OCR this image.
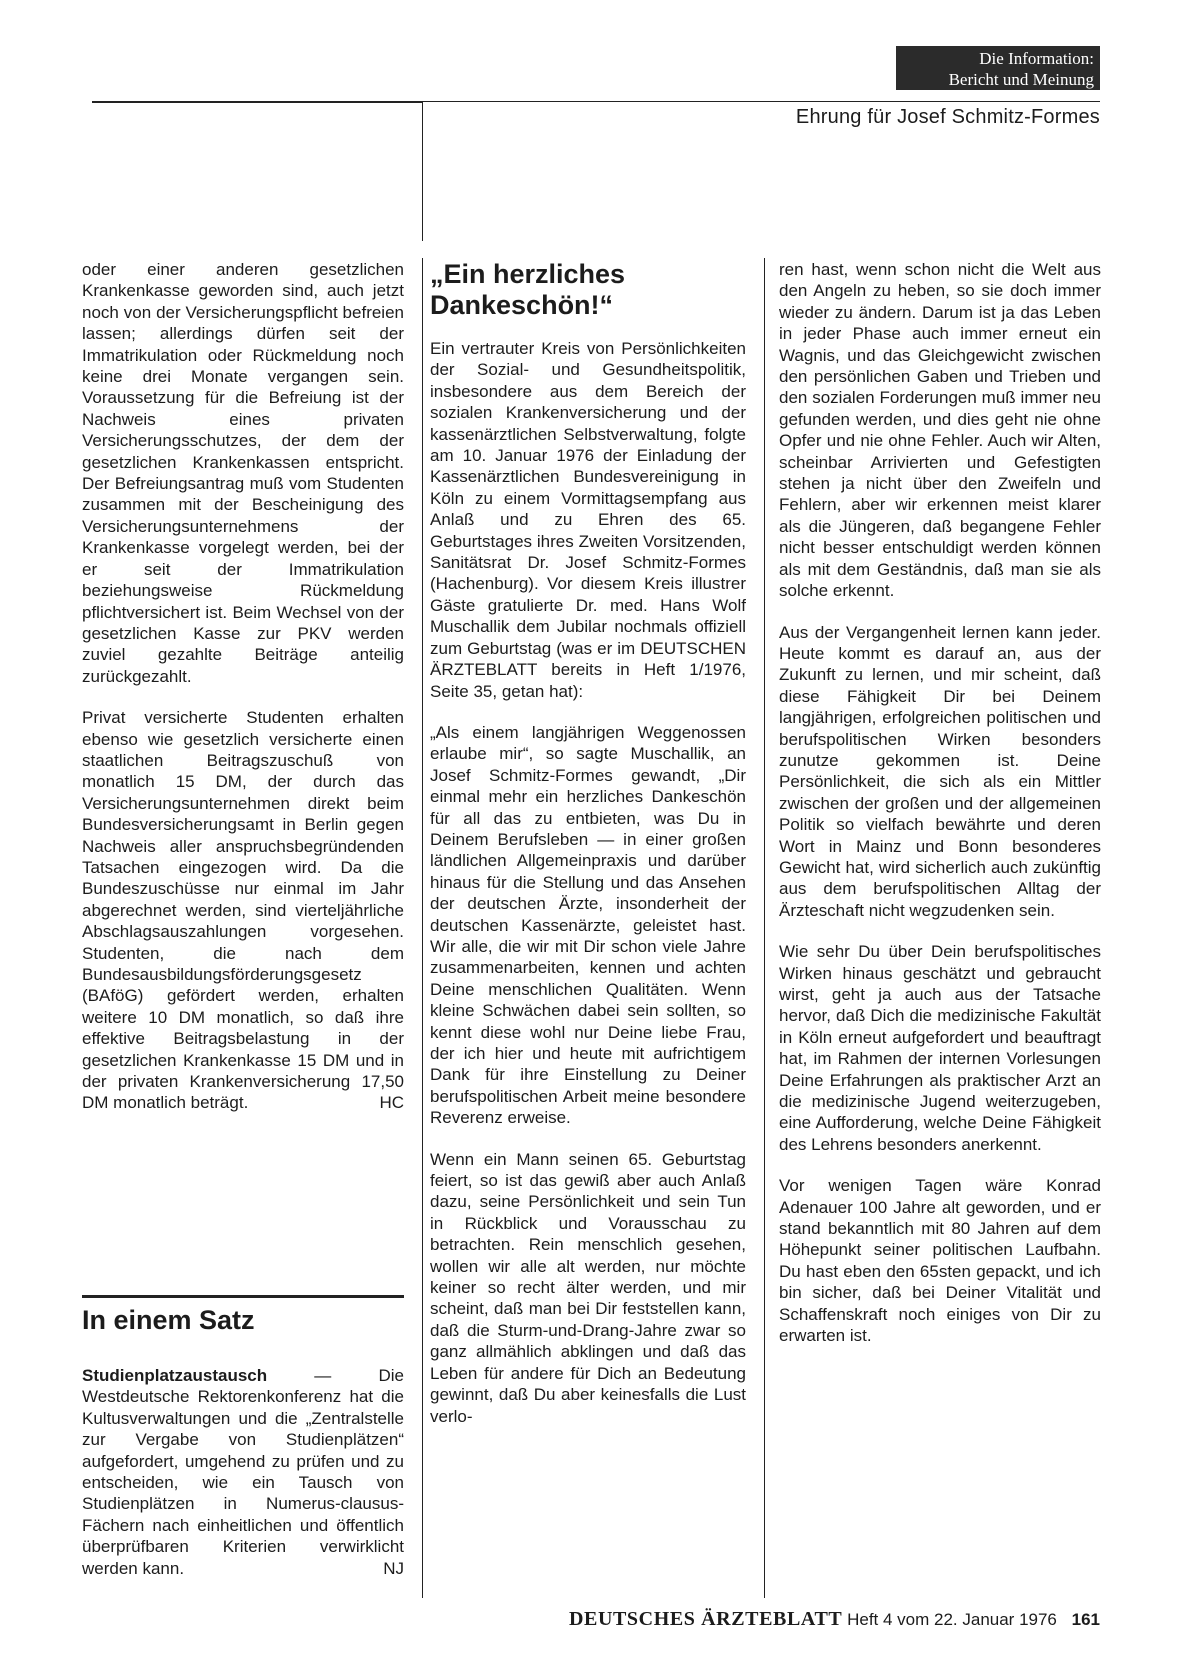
Die Information:
Bericht und Meinung
Ehrung für Josef Schmitz-Formes

oder einer anderen gesetzlichen Krankenkasse geworden sind, auch jetzt noch von der Versicherungspflicht befreien lassen; allerdings dürfen seit der Immatrikulation oder Rückmeldung noch keine drei Monate vergangen sein. Voraussetzung für die Befreiung ist der Nachweis eines privaten Versicherungsschutzes, der dem der gesetzlichen Krankenkassen entspricht. Der Befreiungsantrag muß vom Studenten zusammen mit der Bescheinigung des Versicherungsunternehmens der Krankenkasse vorgelegt werden, bei der er seit der Immatrikulation beziehungsweise Rückmeldung pflichtversichert ist. Beim Wechsel von der gesetzlichen Kasse zur PKV werden zuviel gezahlte Beiträge anteilig zurückgezahlt.

Privat versicherte Studenten erhalten ebenso wie gesetzlich versicherte einen staatlichen Beitragszuschuß von monatlich 15 DM, der durch das Versicherungsunternehmen direkt beim Bundesversicherungsamt in Berlin gegen Nachweis aller anspruchsbegründenden Tatsachen eingezogen wird. Da die Bundeszuschüsse nur einmal im Jahr abgerechnet werden, sind vierteljährliche Abschlagsauszahlungen vorgesehen. Studenten, die nach dem Bundesausbildungsförderungsgesetz (BAföG) gefördert werden, erhalten weitere 10 DM monatlich, so daß ihre effektive Beitragsbelastung in der gesetzlichen Krankenkasse 15 DM und in der privaten Krankenversicherung 17,50 DM monatlich beträgt.	HC

In einem Satz

Studienplatzaustausch — Die Westdeutsche Rektorenkonferenz hat die Kultusverwaltungen und die „Zentralstelle zur Vergabe von Studienplätzen“ aufgefordert, umgehend zu prüfen und zu entscheiden, wie ein Tausch von Studienplätzen in Numerus-clausus-Fächern nach einheitlichen und öffentlich überprüfbaren Kriterien verwirklicht werden kann.	NJ

„Ein herzliches Dankeschön!“

Ein vertrauter Kreis von Persönlichkeiten der Sozial- und Gesundheitspolitik, insbesondere aus dem Bereich der sozialen Krankenversicherung und der kassenärztlichen Selbstverwaltung, folgte am 10. Januar 1976 der Einladung der Kassenärztlichen Bundesvereinigung in Köln zu einem Vormittagsempfang aus Anlaß und zu Ehren des 65. Geburtstages ihres Zweiten Vorsitzenden, Sanitätsrat Dr. Josef Schmitz-Formes (Hachenburg). Vor diesem Kreis illustrer Gäste gratulierte Dr. med. Hans Wolf Muschallik dem Jubilar nochmals offiziell zum Geburtstag (was er im DEUTSCHEN ÄRZTEBLATT bereits in Heft 1/1976, Seite 35, getan hat):

„Als einem langjährigen Weggenossen erlaube mir“, so sagte Muschallik, an Josef Schmitz-Formes gewandt, „Dir einmal mehr ein herzliches Dankeschön für all das zu entbieten, was Du in Deinem Berufsleben — in einer großen ländlichen Allgemeinpraxis und darüber hinaus für die Stellung und das Ansehen der deutschen Ärzte, insonderheit der deutschen Kassenärzte, geleistet hast. Wir alle, die wir mit Dir schon viele Jahre zusammenarbeiten, kennen und achten Deine menschlichen Qualitäten. Wenn kleine Schwächen dabei sein sollten, so kennt diese wohl nur Deine liebe Frau, der ich hier und heute mit aufrichtigem Dank für ihre Einstellung zu Deiner berufspolitischen Arbeit meine besondere Reverenz erweise.

Wenn ein Mann seinen 65. Geburtstag feiert, so ist das gewiß aber auch Anlaß dazu, seine Persönlichkeit und sein Tun in Rückblick und Vorausschau zu betrachten. Rein menschlich gesehen, wollen wir alle alt werden, nur möchte keiner so recht älter werden, und mir scheint, daß man bei Dir feststellen kann, daß die Sturm-und-Drang-Jahre zwar so ganz allmählich abklingen und daß das Leben für andere für Dich an Bedeutung gewinnt, daß Du aber keinesfalls die Lust verlo-

ren hast, wenn schon nicht die Welt aus den Angeln zu heben, so sie doch immer wieder zu ändern. Darum ist ja das Leben in jeder Phase auch immer erneut ein Wagnis, und das Gleichgewicht zwischen den persönlichen Gaben und Trieben und den sozialen Forderungen muß immer neu gefunden werden, und dies geht nie ohne Opfer und nie ohne Fehler. Auch wir Alten, scheinbar Arrivierten und Gefestigten stehen ja nicht über den Zweifeln und Fehlern, aber wir erkennen meist klarer als die Jüngeren, daß begangene Fehler nicht besser entschuldigt werden können als mit dem Geständnis, daß man sie als solche erkennt.

Aus der Vergangenheit lernen kann jeder. Heute kommt es darauf an, aus der Zukunft zu lernen, und mir scheint, daß diese Fähigkeit Dir bei Deinem langjährigen, erfolgreichen politischen und berufspolitischen Wirken besonders zunutze gekommen ist. Deine Persönlichkeit, die sich als ein Mittler zwischen der großen und der allgemeinen Politik so vielfach bewährte und deren Wort in Mainz und Bonn besonderes Gewicht hat, wird sicherlich auch zukünftig aus dem berufspolitischen Alltag der Ärzteschaft nicht wegzudenken sein.

Wie sehr Du über Dein berufspolitisches Wirken hinaus geschätzt und gebraucht wirst, geht ja auch aus der Tatsache hervor, daß Dich die medizinische Fakultät in Köln erneut aufgefordert und beauftragt hat, im Rahmen der internen Vorlesungen Deine Erfahrungen als praktischer Arzt an die medizinische Jugend weiterzugeben, eine Aufforderung, welche Deine Fähigkeit des Lehrens besonders anerkennt.

Vor wenigen Tagen wäre Konrad Adenauer 100 Jahre alt geworden, und er stand bekanntlich mit 80 Jahren auf dem Höhepunkt seiner politischen Laufbahn. Du hast eben den 65sten gepackt, und ich bin sicher, daß bei Deiner Vitalität und Schaffenskraft noch einiges von Dir zu erwarten ist.

DEUTSCHES ÄRZTEBLATT Heft 4 vom 22. Januar 1976 161
